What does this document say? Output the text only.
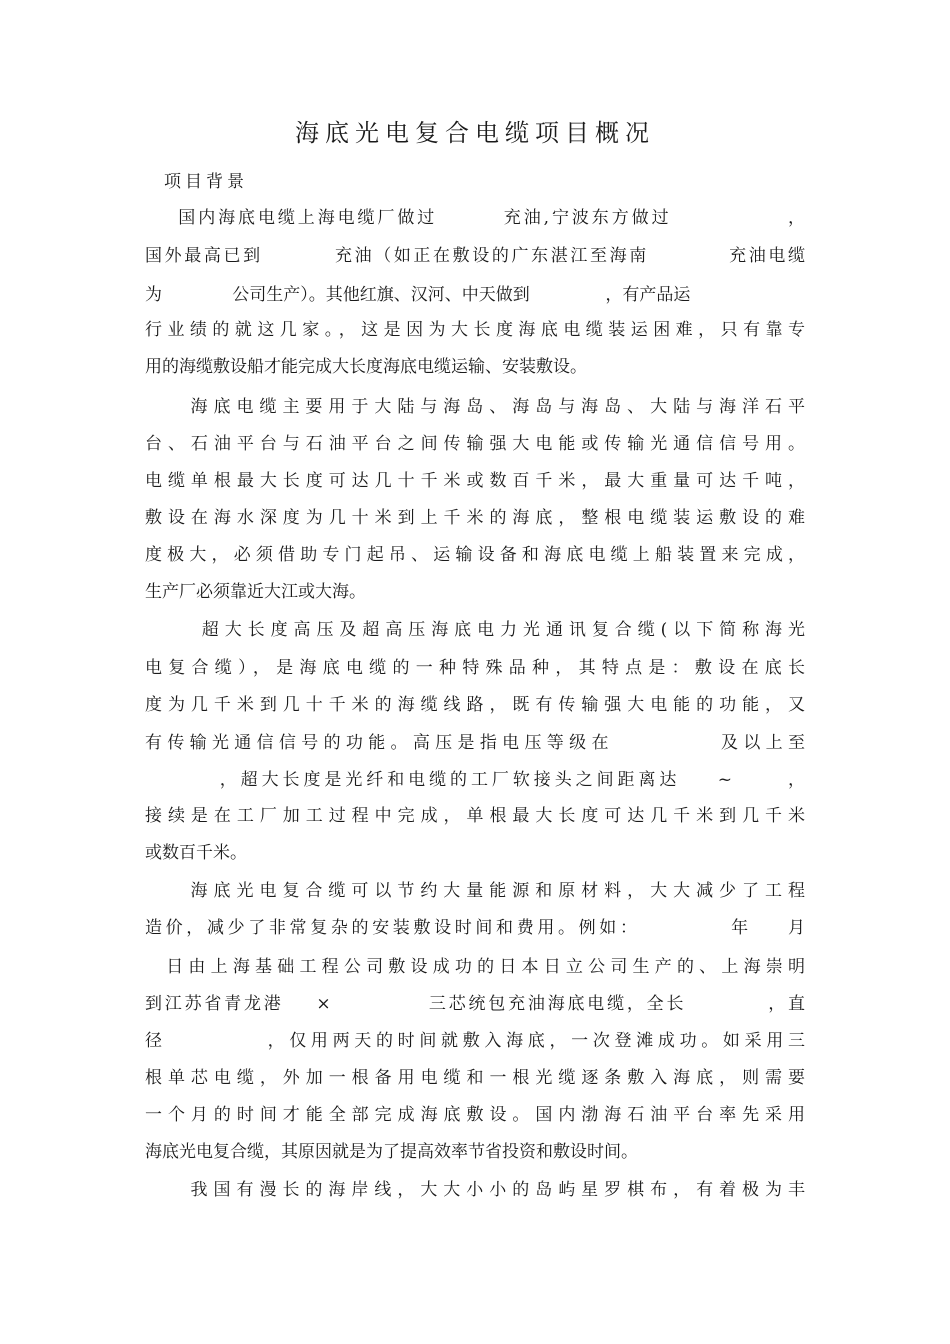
海底光电复合电缆项目概况
项目背景
国内海底电缆上海电缆厂做过        充油,宁波东方做过              ，
国外最高已到         充油（如正在敷设的广东湛江至海南          充油电缆
为             公司生产）。其他红旗、汉河、中天做到              ，有产品运
行业绩的就这几家。，这是因为大长度海底电缆装运困难，只有靠专
用的海缆敷设船才能完成大长度海底电缆运输、安装敷设。
海底电缆主要用于大陆与海岛、海岛与海岛、大陆与海洋石平
台、石油平台与石油平台之间传输强大电能或传输光通信信号用。
电缆单根最大长度可达几十千米或数百千米，最大重量可达千吨，
敷设在海水深度为几十米到上千米的海底，整根电缆装运敷设的难
度极大，必须借助专门起吊、运输设备和海底电缆上船装置来完成，
生产厂必须靠近大江或大海。
超大长度高压及超高压海底电力光通讯复合缆(以下简称海光
电复合缆），是海底电缆的一种特殊品种，其特点是：敷设在底长
度为几千米到几十千米的海缆线路，既有传输强大电能的功能，又
有传输光通信信号的功能。高压是指电压等级在          及以上至
，超大长度是光纤和电缆的工厂软接头之间距离达    ~      ，
接续是在工厂加工过程中完成，单根最大长度可达几千米到几千米
或数百千米。
海底光电复合缆可以节约大量能源和原材料，大大减少了工程
造价，减少了非常复杂的安装敷设时间和费用。例如：          年    月
日由上海基础工程公司敷设成功的日本日立公司生产的、上海崇明
到江苏省青龙港    ×            三芯统包充油海底电缆，全长          ，直
径          ，仅用两天的时间就敷入海底，一次登滩成功。如采用三
根单芯电缆，外加一根备用电缆和一根光缆逐条敷入海底，则需要
一个月的时间才能全部完成海底敷设。国内渤海石油平台率先采用
海底光电复合缆，其原因就是为了提高效率节省投资和敷设时间。
我国有漫长的海岸线，大大小小的岛屿星罗棋布，有着极为丰
